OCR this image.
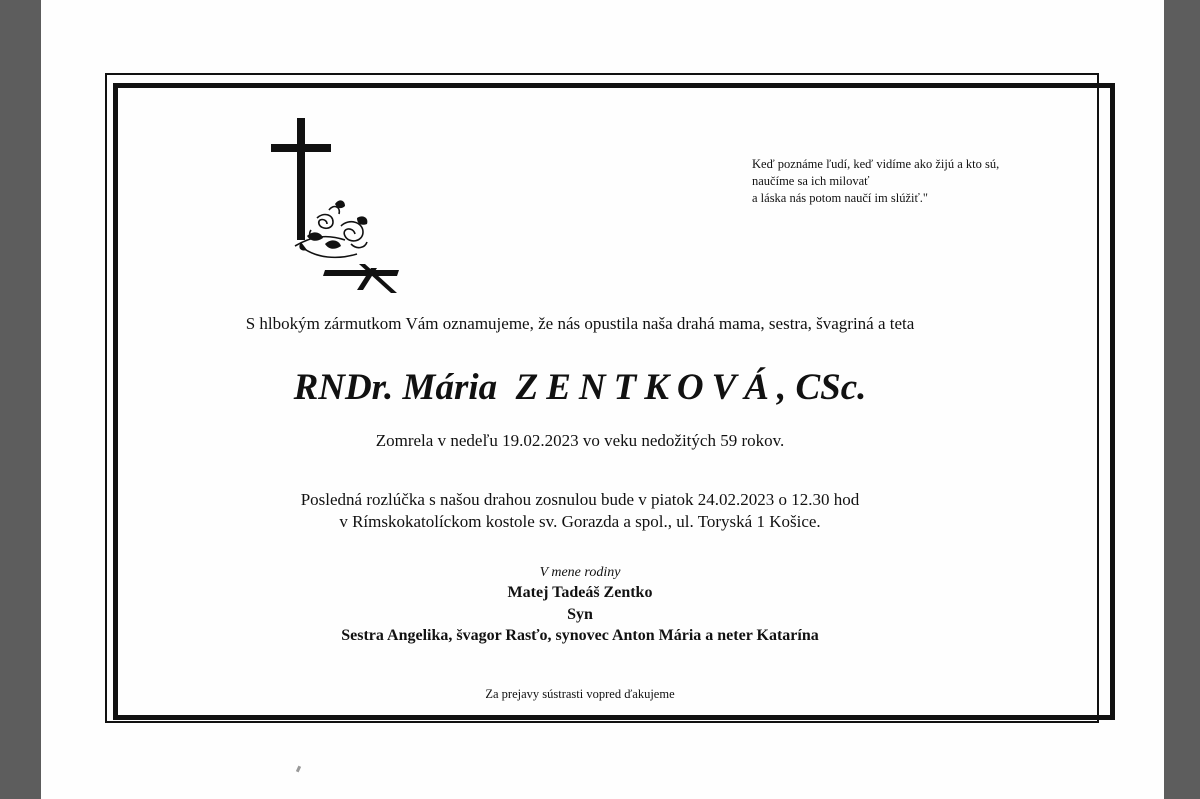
Keď poznáme ľudí, keď vidíme ako žijú a kto sú,
naučíme sa ich milovať
a láska nás potom naučí im slúžiť."
S hlbokým zármutkom Vám oznamujeme, že nás opustila naša drahá mama, sestra, švagriná a teta
RNDr. Mária ZENTKOVÁ, CSc.
Zomrela v nedeľu 19.02.2023 vo veku nedožitých 59 rokov.
Posledná rozlúčka s našou drahou zosnulou bude v piatok 24.02.2023 o 12.30 hod
v Rímskokatolíckom kostole sv. Gorazda a spol., ul. Toryská 1 Košice.
V mene rodiny
Matej Tadeáš Zentko
Syn
Sestra Angelika, švagor Rasťo, synovec Anton Mária a neter Katarína
Za prejavy sústrasti vopred ďakujeme
